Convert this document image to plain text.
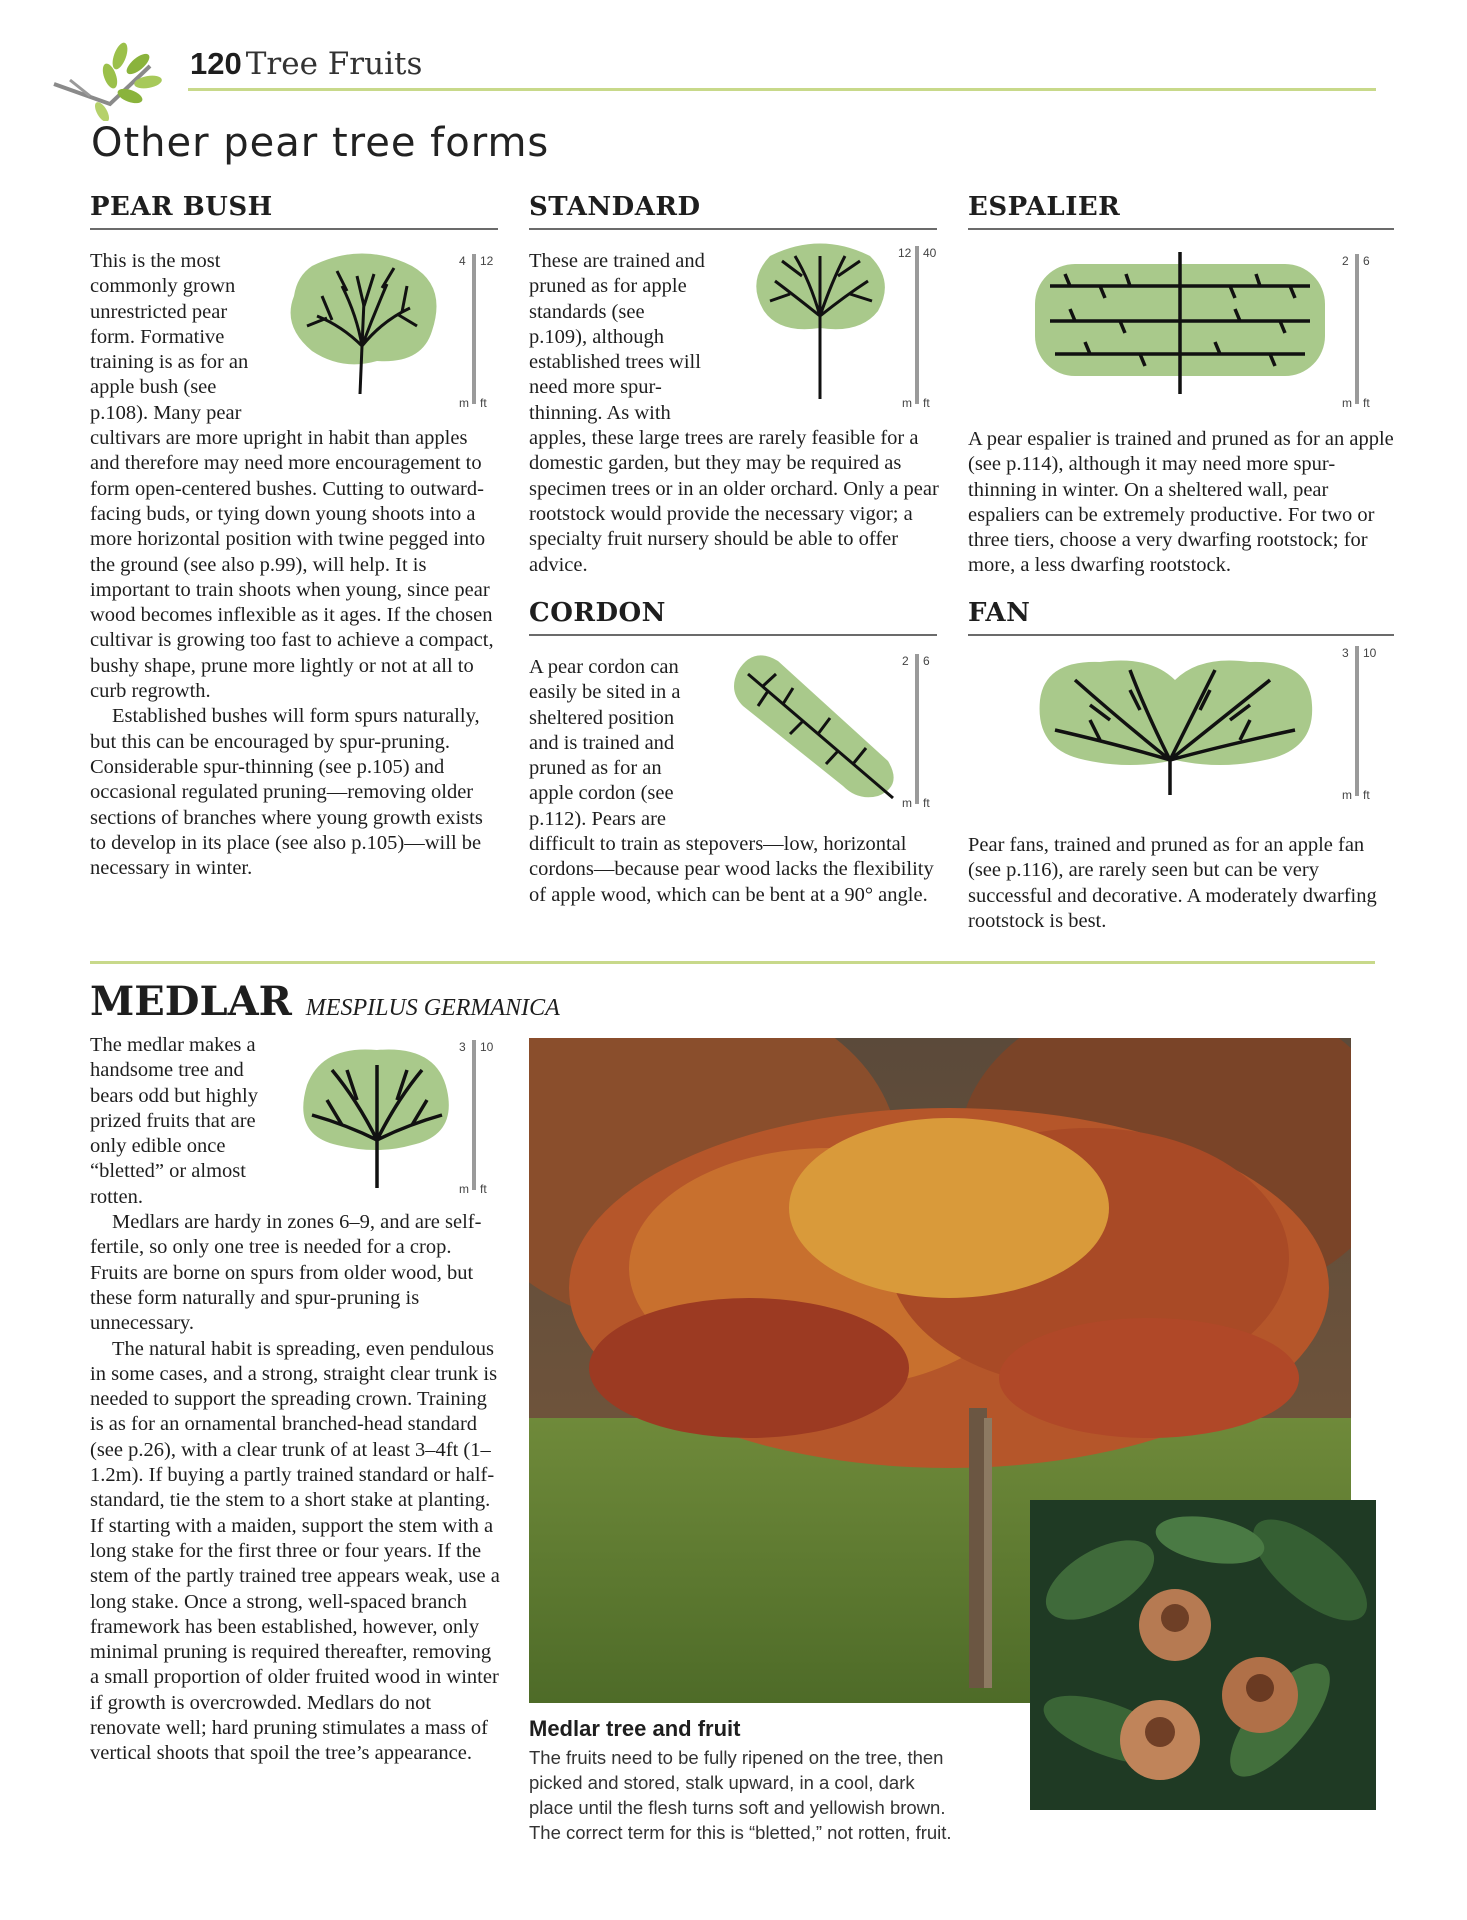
120 Tree Fruits
Other pear tree forms
PEAR BUSH

This is the most commonly grown unrestricted pear form. Formative training is as for an apple bush (see p.108). Many pear cultivars are more upright in habit than apples and therefore may need more encouragement to form open-centered bushes. Cutting to outward-facing buds, or tying down young shoots into a more horizontal position with twine pegged into the ground (see also p.99), will help. It is important to train shoots when young, since pear wood becomes inflexible as it ages. If the chosen cultivar is growing too fast to achieve a compact, bushy shape, prune more lightly or not at all to curb regrowth.

Established bushes will form spurs naturally, but this can be encouraged by spur-pruning. Considerable spur-thinning (see p.105) and occasional regulated pruning—removing older sections of branches where young growth exists to develop in its place (see also p.105)—will be necessary in winter.

4 12
m ft
STANDARD

These are trained and pruned as for apple standards (see p.109), although established trees will need more spur-thinning. As with apples, these large trees are rarely feasible for a domestic garden, but they may be required as specimen trees or in an older orchard. Only a pear rootstock would provide the necessary vigor; a specialty fruit nursery should be able to offer advice.

12 40
m ft
ESPALIER
2 6
m ft

A pear espalier is trained and pruned as for an apple (see p.114), although it may need more spur-thinning in winter. On a sheltered wall, pear espaliers can be extremely productive. For two or three tiers, choose a very dwarfing rootstock; for more, a less dwarfing rootstock.

CORDON

A pear cordon can easily be sited in a sheltered position and is trained and pruned as for an apple cordon (see p.112). Pears are difficult to train as stepovers—low, horizontal cordons—because pear wood lacks the flexibility of apple wood, which can be bent at a 90° angle.

2 6
m ft
FAN
3 10
m ft

Pear fans, trained and pruned as for an apple fan (see p.116), are rarely seen but can be very successful and decorative. A moderately dwarfing rootstock is best.

MEDLAR MESPILUS GERMANICA

The medlar makes a handsome tree and bears odd but highly prized fruits that are only edible once “bletted” or almost rotten.

Medlars are hardy in zones 6–9, and are self-fertile, so only one tree is needed for a crop. Fruits are borne on spurs from older wood, but these form naturally and spur-pruning is unnecessary.

The natural habit is spreading, even pendulous in some cases, and a strong, straight clear trunk is needed to support the spreading crown. Training is as for an ornamental branched-head standard (see p.26), with a clear trunk of at least 3–4ft (1–1.2m). If buying a partly trained standard or half-standard, tie the stem to a short stake at planting. If starting with a maiden, support the stem with a long stake for the first three or four years. If the stem of the partly trained tree appears weak, use a long stake. Once a strong, well-spaced branch framework has been established, however, only minimal pruning is required thereafter, removing a small proportion of older fruited wood in winter if growth is overcrowded. Medlars do not renovate well; hard pruning stimulates a mass of vertical shoots that spoil the tree’s appearance.

3 10
m ft
Medlar tree and fruit
The fruits need to be fully ripened on the tree, then picked and stored, stalk upward, in a cool, dark place until the flesh turns soft and yellowish brown. The correct term for this is “bletted,” not rotten, fruit.
